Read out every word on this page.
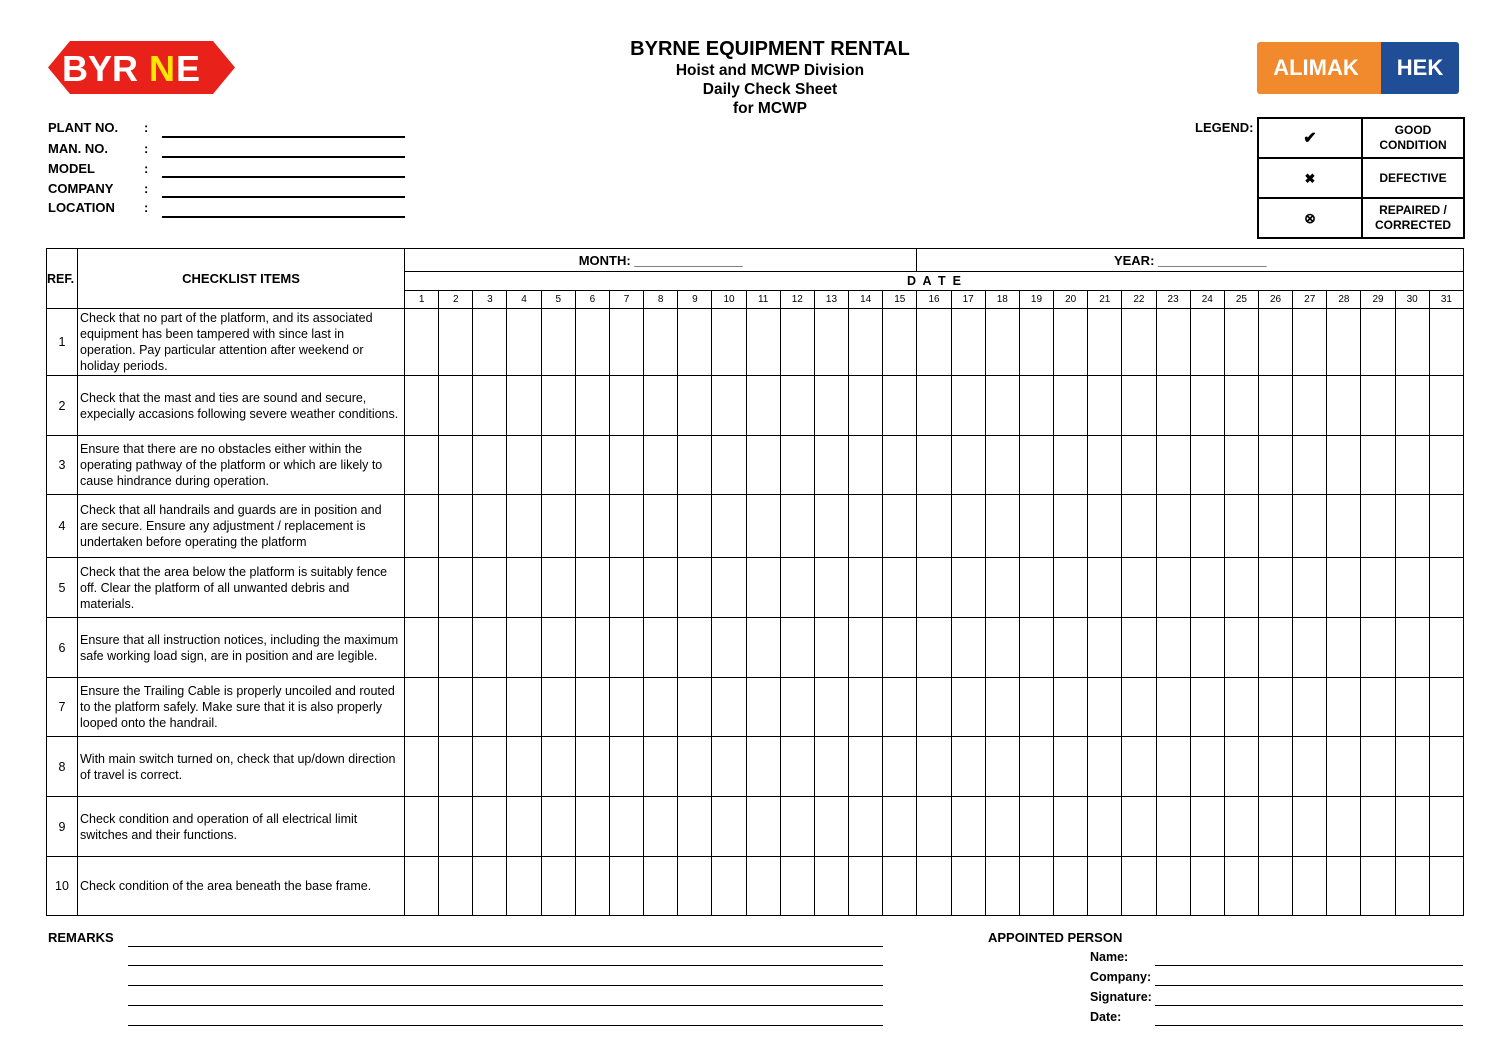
BYR N E	ALIMAK	HEK
BYRNE EQUIPMENT RENTAL
Hoist and MCWP Division
Daily Check Sheet
for MCWP
PLANT NO. :
MAN. NO.	:
MODEL	:
COMPANY :
LOCATION :
LEGEND:
✔	GOOD CONDITION
✖	DEFECTIVE
⊗	REPAIRED / CORRECTED
REF.	CHECKLIST ITEMS	MONTH: _______________															YEAR: _______________															
		D  A  T  E																														
		1	2	3	4	5	6	7	8	9	10	11	12	13	14	15	16	17	18	19	20	21	22	23	24	25	26	27	28	29	30	31
1	Check that no part of the platform, and its associated equipment has been tampered with since last in operation. Pay particular attention after weekend or holiday periods.																															
2	Check that the mast and ties are sound and secure, expecially accasions following severe weather conditions.																															
3	Ensure that there are no obstacles either within the operating pathway of the platform or which are likely to cause hindrance during operation.																															
4	Check that all handrails and guards are in position and are secure. Ensure any adjustment / replacement is undertaken before operating the platform																															
5	Check that the area below the platform is suitably fence off. Clear the platform of all unwanted debris and materials.																															
6	Ensure that all instruction notices, including the maximum safe working load sign, are in position and are legible.																															
7	Ensure the Trailing Cable is properly uncoiled and routed to the platform safely. Make sure that it is also properly looped onto the handrail.																															
8	With main switch turned on, check that up/down direction of travel is correct.																															
9	Check condition and operation of all electrical limit switches and their functions.																															
10	Check condition of the area beneath the base frame.																															
REMARKS	APPOINTED PERSON
Name:
Company:
Signature:
Date:
